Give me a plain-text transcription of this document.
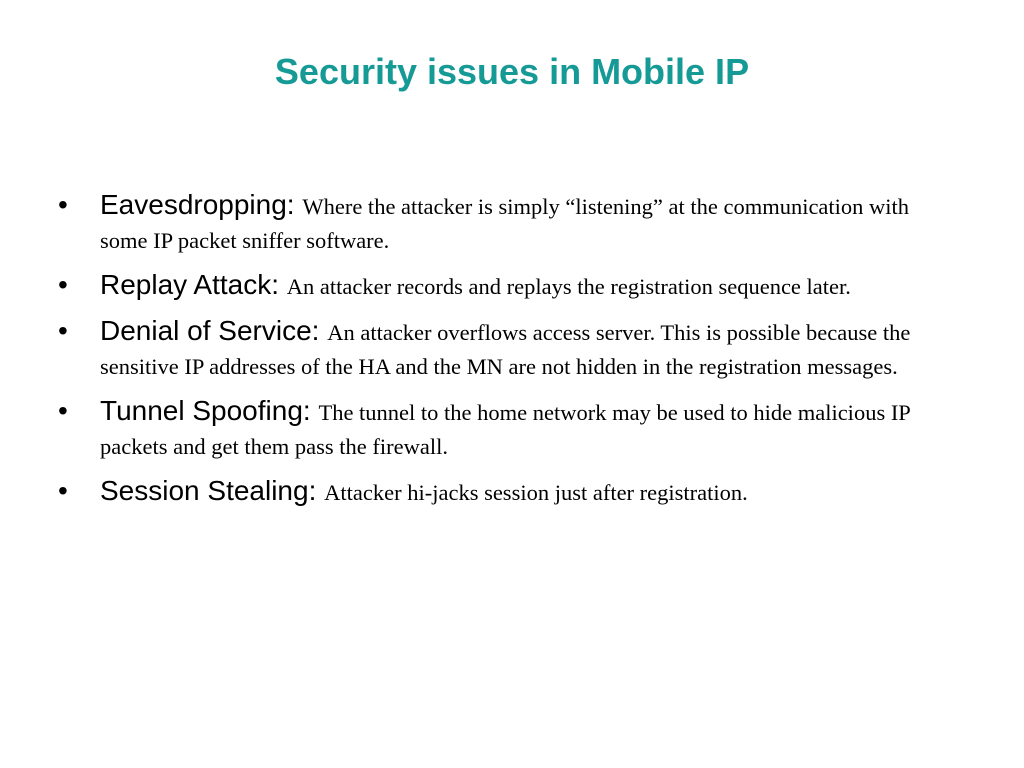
Security issues in Mobile IP
• Eavesdropping: Where the attacker is simply “listening” at the communication with some IP packet sniffer software.
• Replay Attack: An attacker records and replays the registration sequence later.
• Denial of Service: An attacker overflows access server. This is possible because the sensitive IP addresses of the HA and the MN are not hidden in the registration messages.
• Tunnel Spoofing: The tunnel to the home network may be used to hide malicious IP packets and get them pass the firewall.
• Session Stealing: Attacker hi-jacks session just after registration.
